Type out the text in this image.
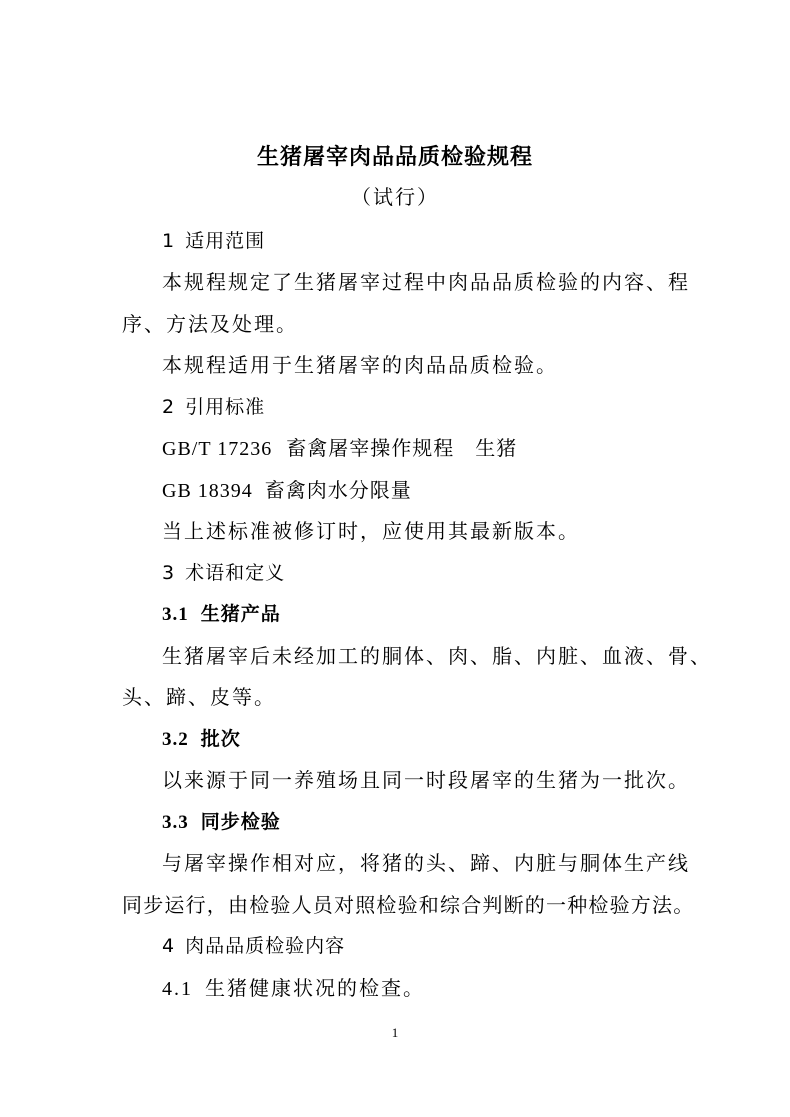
生猪屠宰肉品品质检验规程

（试行）

1 适用范围

本规程规定了生猪屠宰过程中肉品品质检验的内容、程

序、方法及处理。

本规程适用于生猪屠宰的肉品品质检验。

2 引用标准

GB/T 17236 畜禽屠宰操作规程　生猪

GB 18394 畜禽肉水分限量

当上述标准被修订时，应使用其最新版本。

3 术语和定义

3.1 生猪产品

生猪屠宰后未经加工的胴体、肉、脂、内脏、血液、骨、

头、蹄、皮等。

3.2 批次

以来源于同一养殖场且同一时段屠宰的生猪为一批次。

3.3 同步检验

与屠宰操作相对应，将猪的头、蹄、内脏与胴体生产线

同步运行，由检验人员对照检验和综合判断的一种检验方法。

4 肉品品质检验内容

4.1 生猪健康状况的检查。

1
